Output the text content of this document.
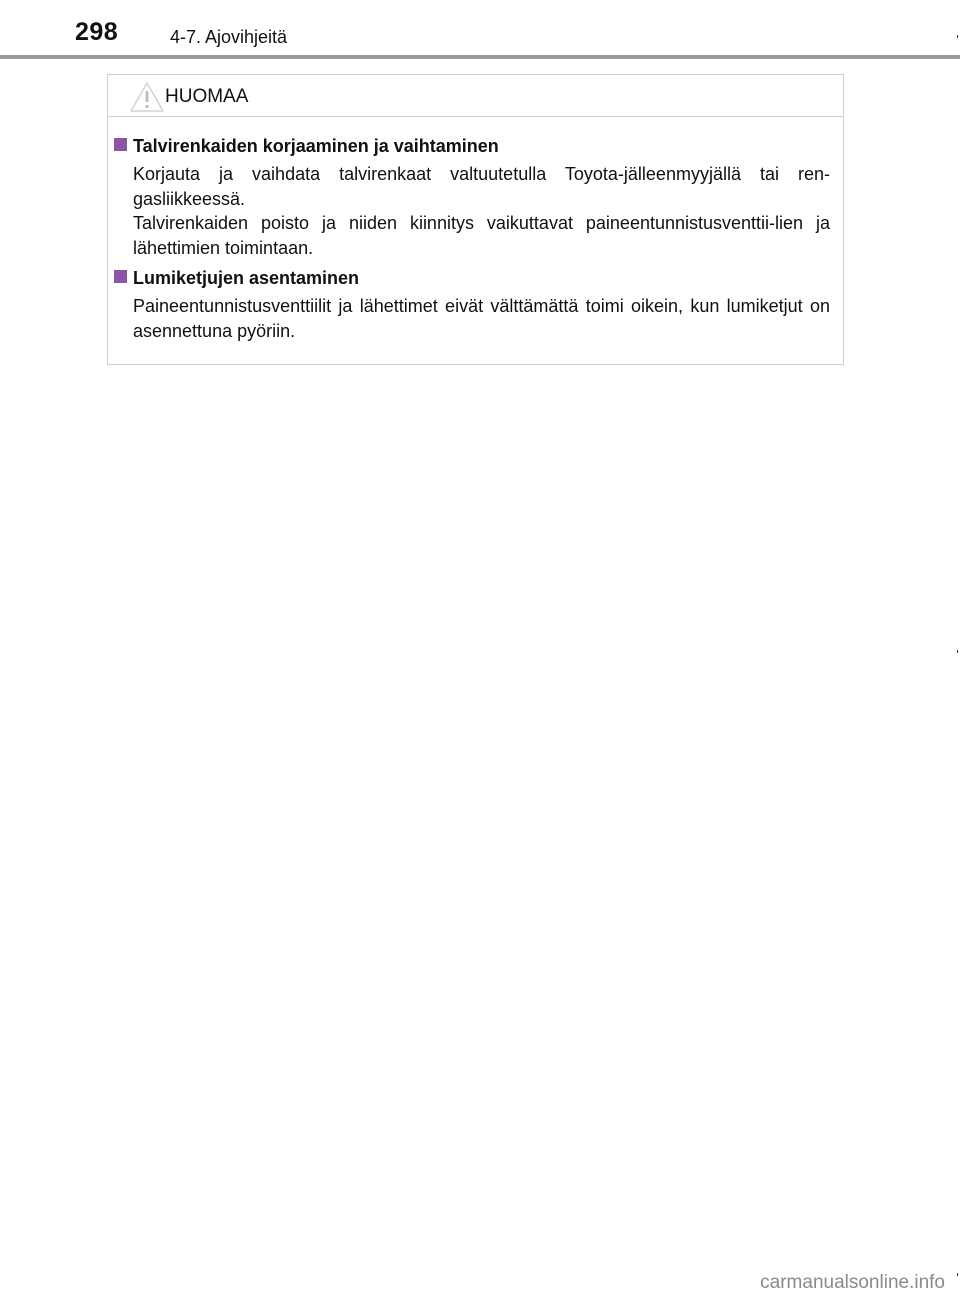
298	4-7. Ajovihjeitä
HUOMAA
Talvirenkaiden korjaaminen ja vaihtaminen

Korjauta ja vaihdata talvirenkaat valtuutetulla Toyota-jälleenmyyjällä tai ren-gasliikkeessä.

Talvirenkaiden poisto ja niiden kiinnitys vaikuttavat paineentunnistusventtii-lien ja lähettimien toimintaan.

Lumiketjujen asentaminen

Paineentunnistusventtiilit ja lähettimet eivät välttämättä toimi oikein, kun lumiketjut on asennettuna pyöriin.

carmanualsonline.info
